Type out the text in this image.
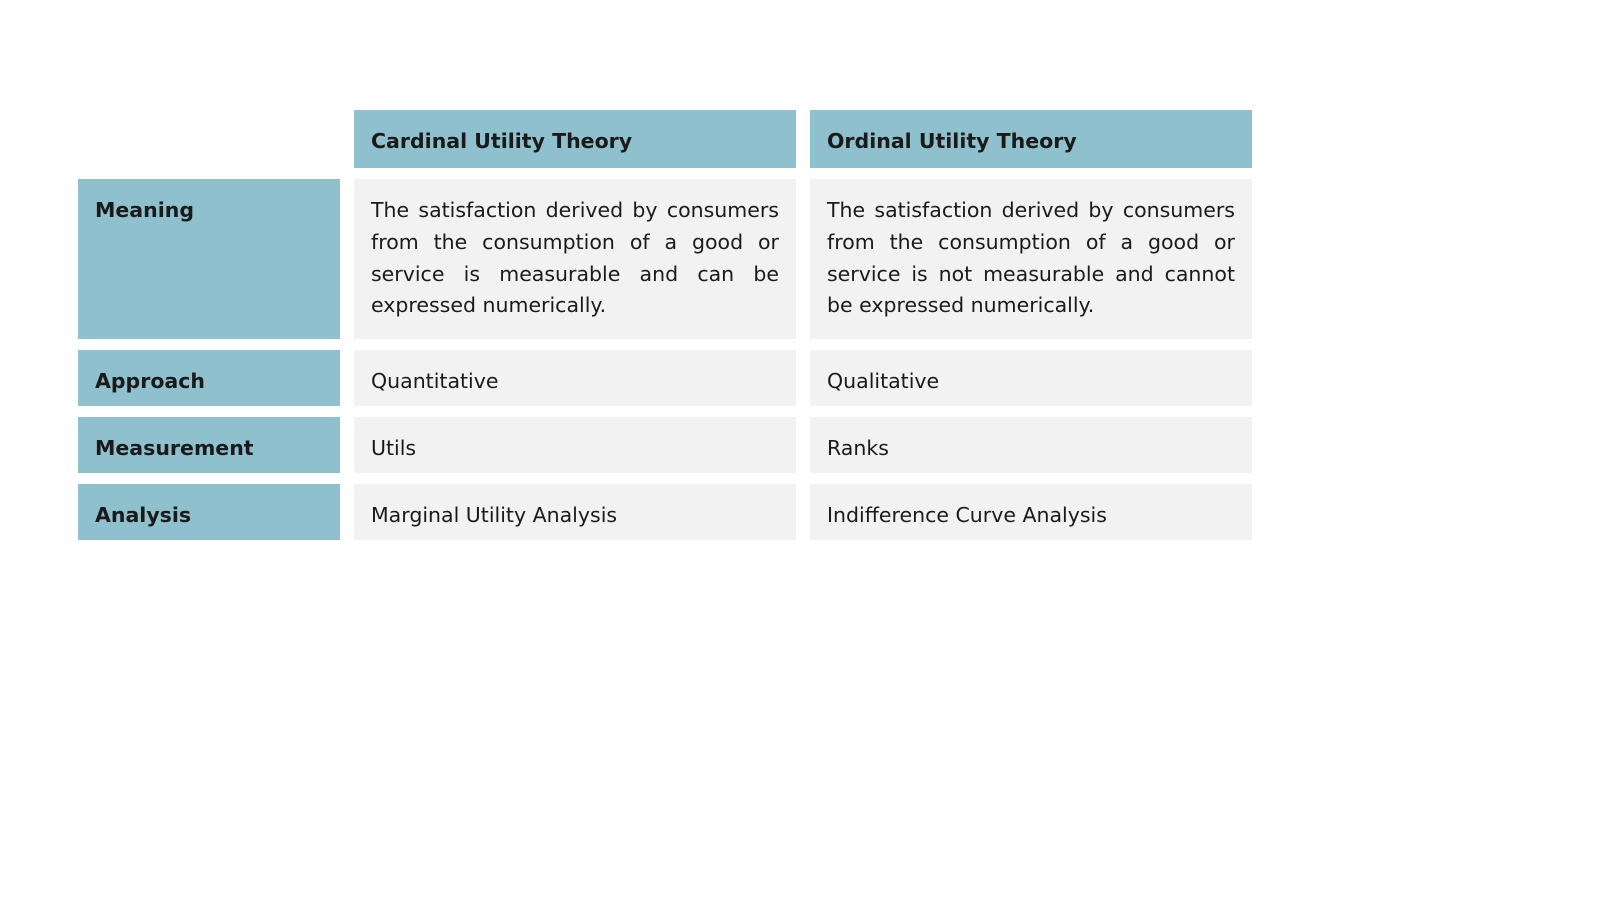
	Cardinal Utility Theory	Ordinal Utility Theory

Meaning	The satisfaction derived by consumers from the consumption of a good or service is measurable and can be expressed numerically.	The satisfaction derived by consumers from the consumption of a good or service is not measurable and cannot be expressed numerically.

Approach	Quantitative	Qualitative

Measurement	Utils	Ranks

Analysis	Marginal Utility Analysis	Indifference Curve Analysis
